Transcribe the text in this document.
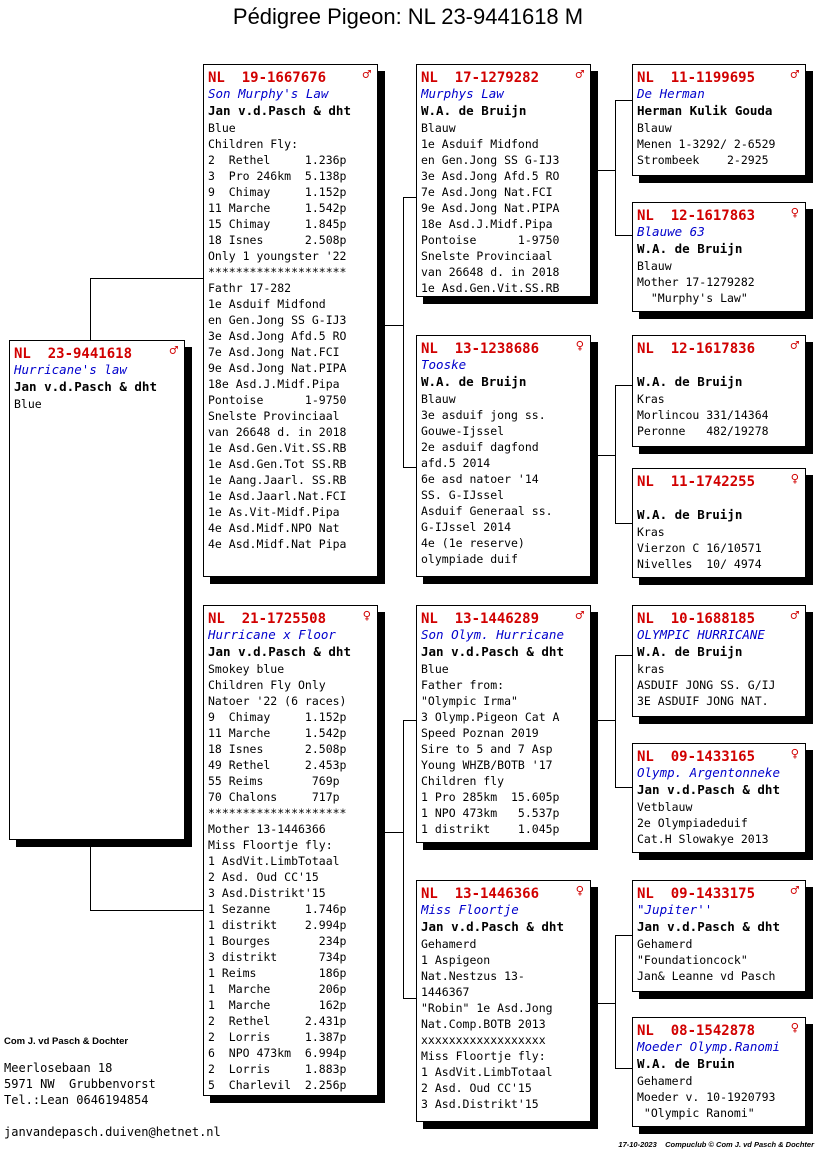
Pédigree Pigeon: NL 23-9441618 M
NL  23-9441618	♂
Hurricane's law
Jan v.d.Pasch & dht
Blue
NL  19-1667676	♂
Son Murphy's Law
Jan v.d.Pasch & dht
Blue
Children Fly:
2  Rethel     1.236p
3  Pro 246km  5.138p
9  Chimay     1.152p
11 Marche     1.542p
15 Chimay     1.845p
18 Isnes      2.508p
Only 1 youngster '22
********************
Fathr 17-282
1e Asduif Midfond
en Gen.Jong SS G-IJ3
3e Asd.Jong Afd.5 RO
7e Asd.Jong Nat.FCI
9e Asd.Jong Nat.PIPA
18e Asd.J.Midf.Pipa
Pontoise      1-9750
Snelste Provinciaal
van 26648 d. in 2018
1e Asd.Gen.Vit.SS.RB
1e Asd.Gen.Tot SS.RB
1e Aang.Jaarl. SS.RB
1e Asd.Jaarl.Nat.FCI
1e As.Vit-Midf.Pipa
4e Asd.Midf.NPO Nat
4e Asd.Midf.Nat Pipa
NL  21-1725508	♀
Hurricane x Floor
Jan v.d.Pasch & dht
Smokey blue
Children Fly Only
Natoer '22 (6 races)
9  Chimay     1.152p
11 Marche     1.542p
18 Isnes      2.508p
49 Rethel     2.453p
55 Reims       769p
70 Chalons     717p
********************
Mother 13-1446366
Miss Floortje fly:
1 AsdVit.LimbTotaal
2 Asd. Oud CC'15
3 Asd.Distrikt'15
1 Sezanne     1.746p
1 distrikt    2.994p
1 Bourges       234p
3 distrikt      734p
1 Reims         186p
1  Marche       206p
1  Marche       162p
2  Rethel     2.431p
2  Lorris     1.387p
6  NPO 473km  6.994p
2  Lorris     1.883p
5  Charlevil  2.256p
NL  17-1279282	♂
Murphys Law
W.A. de Bruijn
Blauw
1e Asduif Midfond
en Gen.Jong SS G-IJ3
3e Asd.Jong Afd.5 RO
7e Asd.Jong Nat.FCI
9e Asd.Jong Nat.PIPA
18e Asd.J.Midf.Pipa
Pontoise      1-9750
Snelste Provinciaal
van 26648 d. in 2018
1e Asd.Gen.Vit.SS.RB
NL  13-1238686	♀
Tooske
W.A. de Bruijn
Blauw
3e asduif jong ss.
Gouwe-Ijssel
2e asduif dagfond
afd.5 2014
6e asd natoer '14
SS. G-IJssel
Asduif Generaal ss.
G-IJssel 2014
4e (1e reserve)
olympiade duif
NL  13-1446289	♂
Son Olym. Hurricane
Jan v.d.Pasch & dht
Blue
Father from:
"Olympic Irma"
3 Olymp.Pigeon Cat A
Speed Poznan 2019
Sire to 5 and 7 Asp
Young WHZB/BOTB '17
Children fly
1 Pro 285km  15.605p
1 NPO 473km   5.537p
1 distrikt    1.045p
NL  13-1446366	♀
Miss Floortje
Jan v.d.Pasch & dht
Gehamerd
1 Aspigeon
Nat.Nestzus 13-
1446367
"Robin" 1e Asd.Jong
Nat.Comp.BOTB 2013
xxxxxxxxxxxxxxxxxx
Miss Floortje fly:
1 AsdVit.LimbTotaal
2 Asd. Oud CC'15
3 Asd.Distrikt'15
NL  11-1199695	♂
De Herman
Herman Kulik Gouda
Blauw
Menen 1-3292/ 2-6529
Strombeek    2-2925
NL  12-1617863	♀
Blauwe 63
W.A. de Bruijn
Blauw
Mother 17-1279282
"Murphy's Law"
NL  12-1617836	♂
W.A. de Bruijn
Kras
Morlincou 331/14364
Peronne   482/19278
NL  11-1742255	♀
W.A. de Bruijn
Kras
Vierzon C 16/10571
Nivelles  10/ 4974
NL  10-1688185	♂
OLYMPIC HURRICANE
W.A. de Bruijn
kras
ASDUIF JONG SS. G/IJ
3E ASDUIF JONG NAT.
NL  09-1433165	♀
Olymp. Argentonneke
Jan v.d.Pasch & dht
Vetblauw
2e Olympiadeduif
Cat.H Slowakye 2013
NL  09-1433175	♂
"Jupiter''
Jan v.d.Pasch & dht
Gehamerd
"Foundationcock"
Jan& Leanne vd Pasch
NL  08-1542878	♀
Moeder Olymp.Ranomi
W.A. de Bruin
Gehamerd
Moeder v. 10-1920793
"Olympic Ranomi"
Com J. vd Pasch & Dochter
Meerlosebaan 18
5971 NW  Grubbenvorst
Tel.:Lean 0646194854
janvandepasch.duiven@hetnet.nl
17-10-2023    Compuclub © Com J. vd Pasch & Dochter
